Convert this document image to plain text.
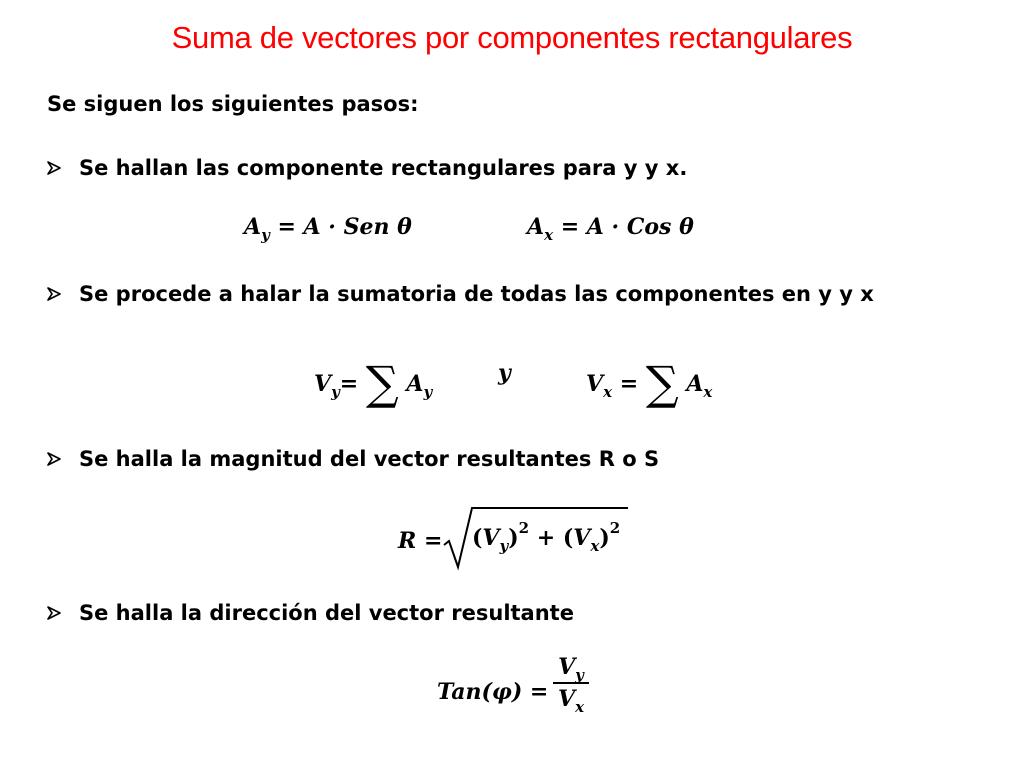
Suma de vectores por componentes rectangulares
Se siguen los siguientes pasos:
Se hallan las componente rectangulares para y y x.
$A_y = A$ · Sen θ	$A_x = A$ · Cos θ
Se procede a halar la sumatoria de todas las componentes en y y x
$V_y=$ ∑ $A_y$
y	$V_x$ = ∑ $A_x$
Se halla la magnitud del vector resultantes R o S
$R = (V_y)^2 + (V_x)^2$
Se halla la dirección del vector resultante
Tan(φ) =
$V_y$
$V_x$
